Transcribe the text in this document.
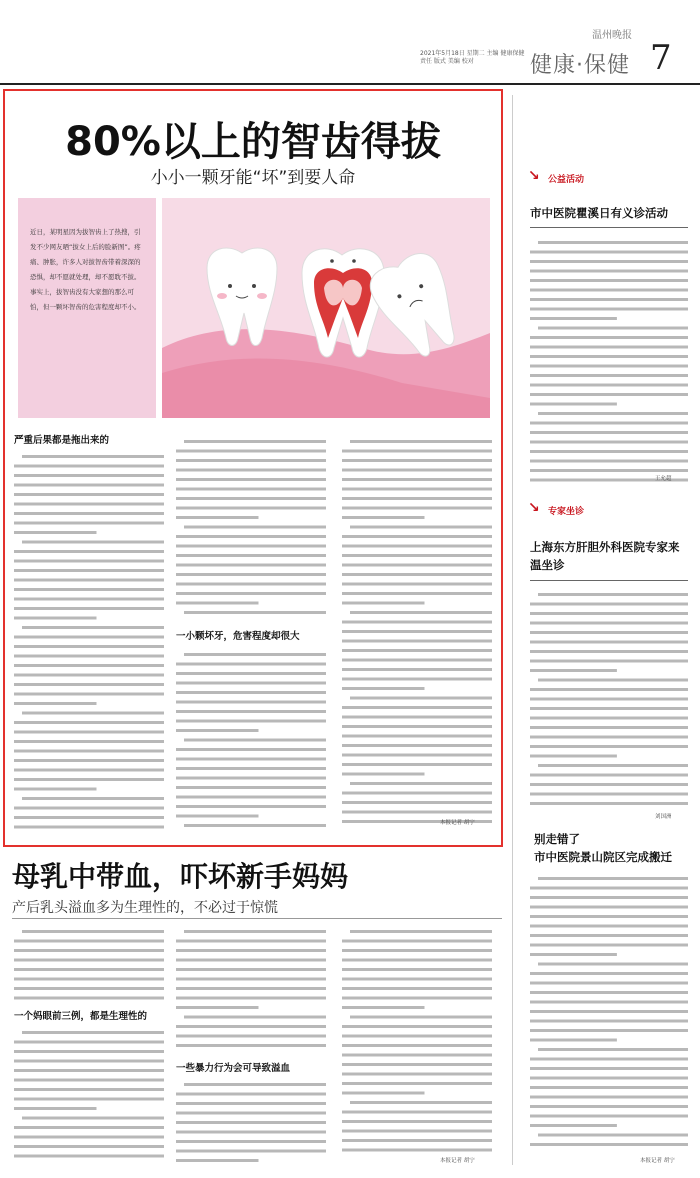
2021年5月18日 星期二 主编 健康保健 责任 版式 美编 校对
温州晚报
健康·保健 7
80%以上的智齿得拔
小小一颗牙能“坏”到要人命
近日，某明星因为拔智齿上了热搜，引发不少网友晒“拔女上后的脸新图”。疼痛、肿胀，许多人对拔智齿带着深深的恐惧，却不愿就处理，却不愿耽不拔。事实上，拔智齿没有大家想的那么可怕，但一颗坏智齿的危害程度却不小。
严重后果都是拖出来的
一小颗坏牙，危害程度却很大
本报记者 胡宁
↘ 公益活动
市中医院瞿溪日有义诊活动
王允超
↘ 专家坐诊
上海东方肝胆外科医院专家来温坐诊
刘国洲
别走错了
市中医院景山院区完成搬迁
本报记者 胡宁
母乳中带血，吓坏新手妈妈
产后乳头溢血多为生理性的，不必过于惊慌
一个妈眼前三例，都是生理性的
一些暴力行为会可导致溢血
本报记者 胡宁
